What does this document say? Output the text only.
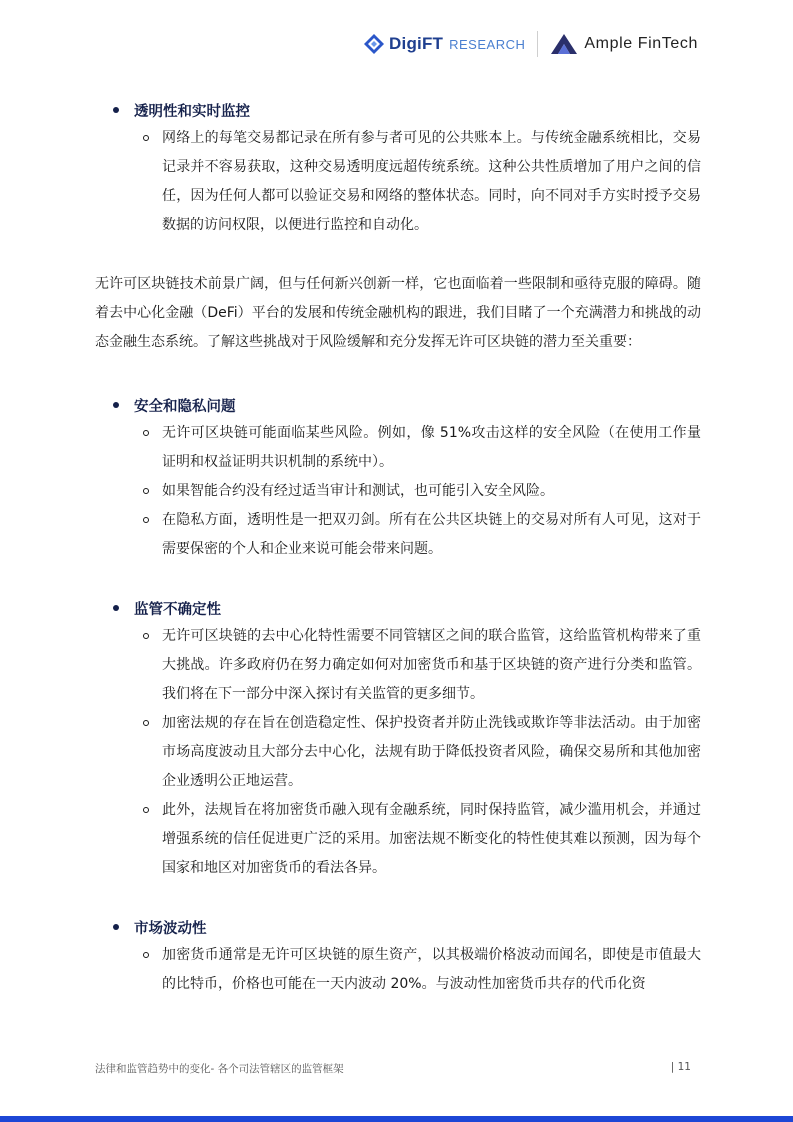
DigiFT RESEARCH	Ample FinTech
透明性和实时监控
网络上的每笔交易都记录在所有参与者可见的公共账本上。与传统金融系统相比，交易记录并不容易获取，这种交易透明度远超传统系统。这种公共性质增加了用户之间的信任，因为任何人都可以验证交易和网络的整体状态。同时，向不同对手方实时授予交易数据的访问权限，以便进行监控和自动化。

无许可区块链技术前景广阔，但与任何新兴创新一样，它也面临着一些限制和亟待克服的障碍。随着去中心化金融（DeFi）平台的发展和传统金融机构的跟进，我们目睹了一个充满潜力和挑战的动态金融生态系统。了解这些挑战对于风险缓解和充分发挥无许可区块链的潜力至关重要：

安全和隐私问题
无许可区块链可能面临某些风险。例如，像 51%攻击这样的安全风险（在使用工作量证明和权益证明共识机制的系统中）。
如果智能合约没有经过适当审计和测试，也可能引入安全风险。
在隐私方面，透明性是一把双刃剑。所有在公共区块链上的交易对所有人可见，这对于需要保密的个人和企业来说可能会带来问题。
监管不确定性
无许可区块链的去中心化特性需要不同管辖区之间的联合监管，这给监管机构带来了重大挑战。许多政府仍在努力确定如何对加密货币和基于区块链的资产进行分类和监管。我们将在下一部分中深入探讨有关监管的更多细节。
加密法规的存在旨在创造稳定性、保护投资者并防止洗钱或欺诈等非法活动。由于加密市场高度波动且大部分去中心化，法规有助于降低投资者风险，确保交易所和其他加密企业透明公正地运营。
此外，法规旨在将加密货币融入现有金融系统，同时保持监管，减少滥用机会，并通过增强系统的信任促进更广泛的采用。加密法规不断变化的特性使其难以预测，因为每个国家和地区对加密货币的看法各异。
市场波动性
加密货币通常是无许可区块链的原生资产，以其极端价格波动而闻名，即使是市值最大的比特币，价格也可能在一天内波动 20%。与波动性加密货币共存的代币化资
法律和监管趋势中的变化- 各个司法管辖区的监管框架	| 11
